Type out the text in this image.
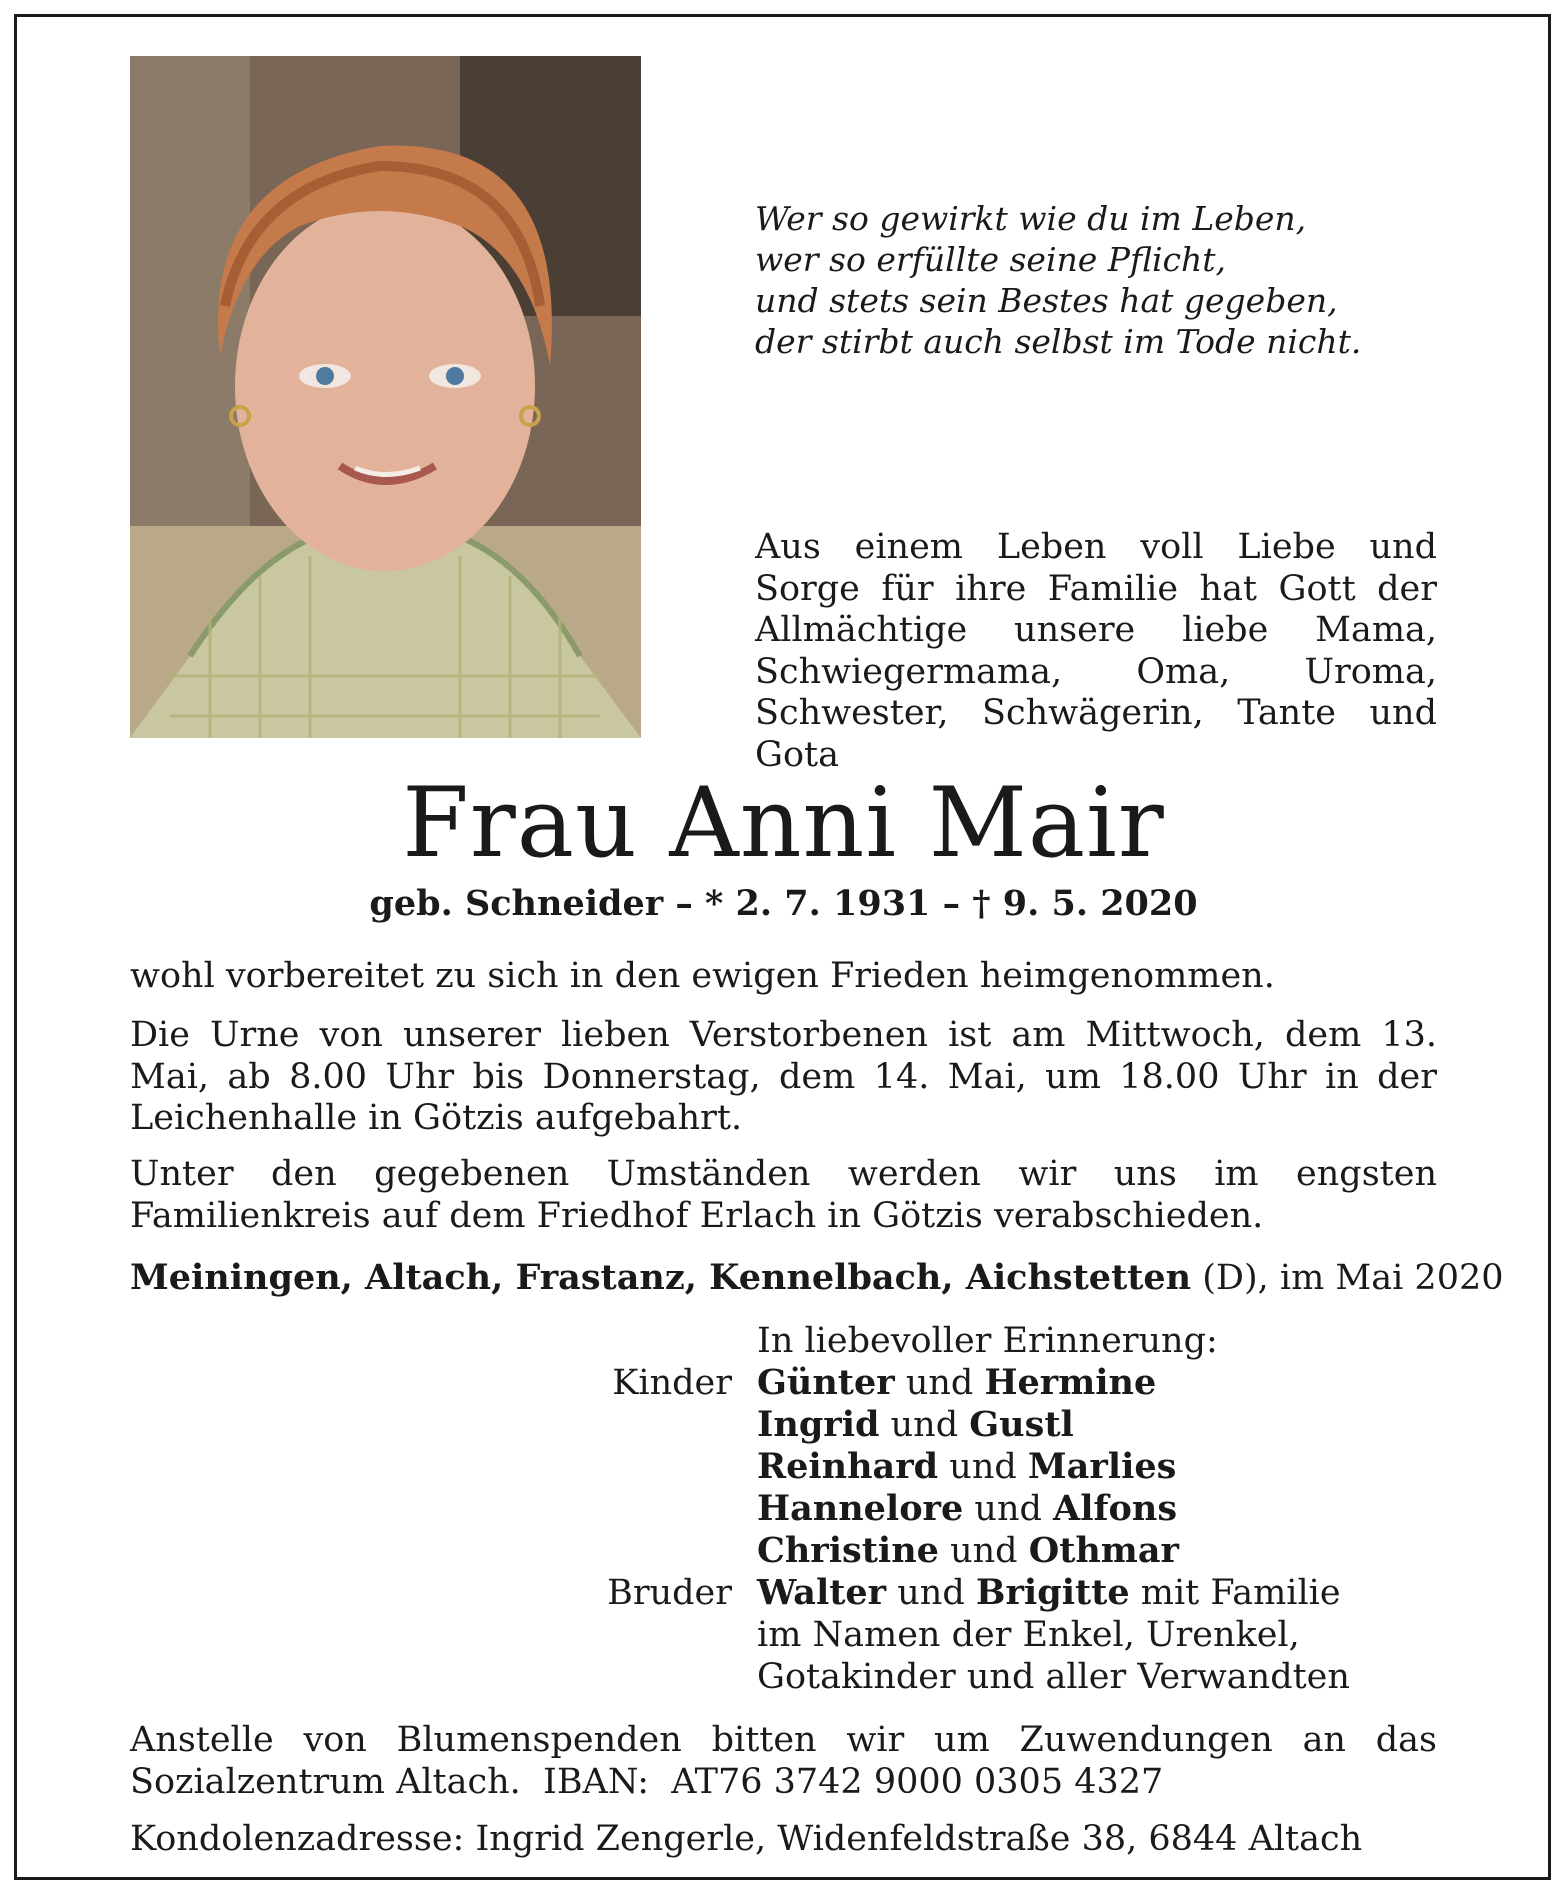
Wer so gewirkt wie du im Leben,
wer so erfüllte seine Pflicht,
und stets sein Bestes hat gegeben,
der stirbt auch selbst im Tode nicht.
Aus einem Leben voll Liebe und Sorge für ihre Familie hat Gott der Allmächtige unsere liebe Mama, Schwiegermama, Oma, Uroma, Schwester, Schwägerin, Tante und Gota
Frau Anni Mair
geb. Schneider – * 2. 7. 1931 – † 9. 5. 2020

wohl vorbereitet zu sich in den ewigen Frieden heimgenommen.

Die Urne von unserer lieben Verstorbenen ist am Mittwoch, dem 13. Mai, ab 8.00 Uhr bis Donnerstag, dem 14. Mai, um 18.00 Uhr in der Leichenhalle in Götzis aufgebahrt.

Unter den gegebenen Umständen werden wir uns im engsten Familienkreis auf dem Friedhof Erlach in Götzis verabschieden.

Meiningen, Altach, Frastanz, Kennelbach, Aichstetten (D), im Mai 2020
In liebevoller Erinnerung:
Kinder Günter und Hermine
Ingrid und Gustl
Reinhard und Marlies
Hannelore und Alfons
Christine und Othmar
Bruder Walter und Brigitte mit Familie
im Namen der Enkel, Urenkel,
Gotakinder und aller Verwandten

Anstelle von Blumenspenden bitten wir um Zuwendungen an das Sozialzentrum Altach.  IBAN:  AT76 3742 9000 0305 4327

Kondolenzadresse: Ingrid Zengerle, Widenfeldstraße 38, 6844 Altach
